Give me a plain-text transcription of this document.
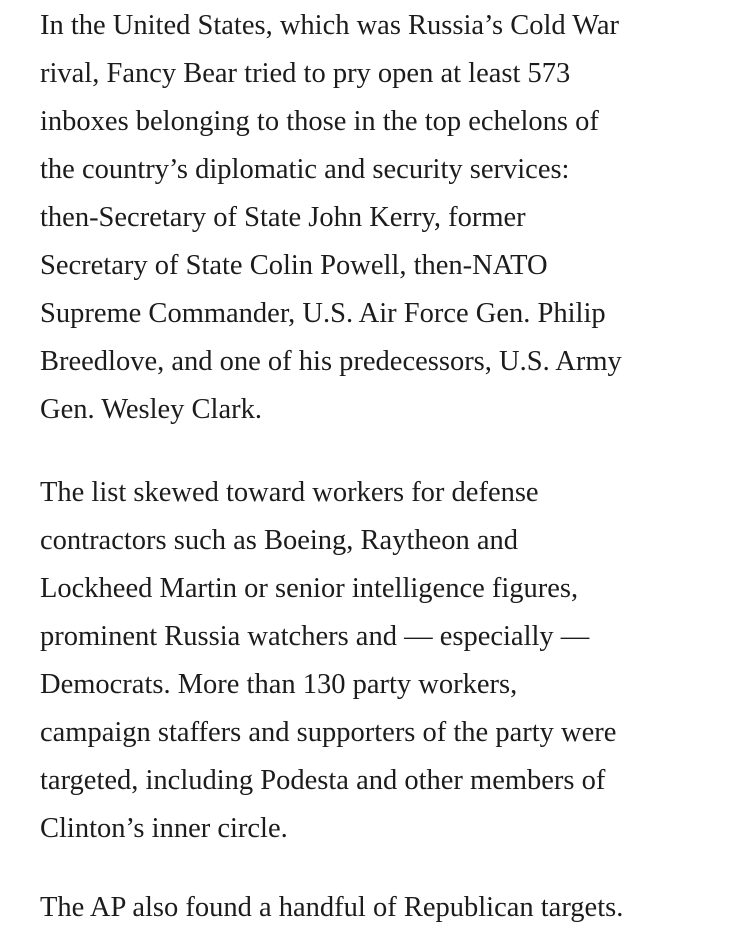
In the United States, which was Russia’s Cold War
rival, Fancy Bear tried to pry open at least 573
inboxes belonging to those in the top echelons of
the country’s diplomatic and security services:
then-Secretary of State John Kerry, former
Secretary of State Colin Powell, then-NATO
Supreme Commander, U.S. Air Force Gen. Philip
Breedlove, and one of his predecessors, U.S. Army
Gen. Wesley Clark.

The list skewed toward workers for defense
contractors such as Boeing, Raytheon and
Lockheed Martin or senior intelligence figures,
prominent Russia watchers and — especially —
Democrats. More than 130 party workers,
campaign staffers and supporters of the party were
targeted, including Podesta and other members of
Clinton’s inner circle.

The AP also found a handful of Republican targets.
